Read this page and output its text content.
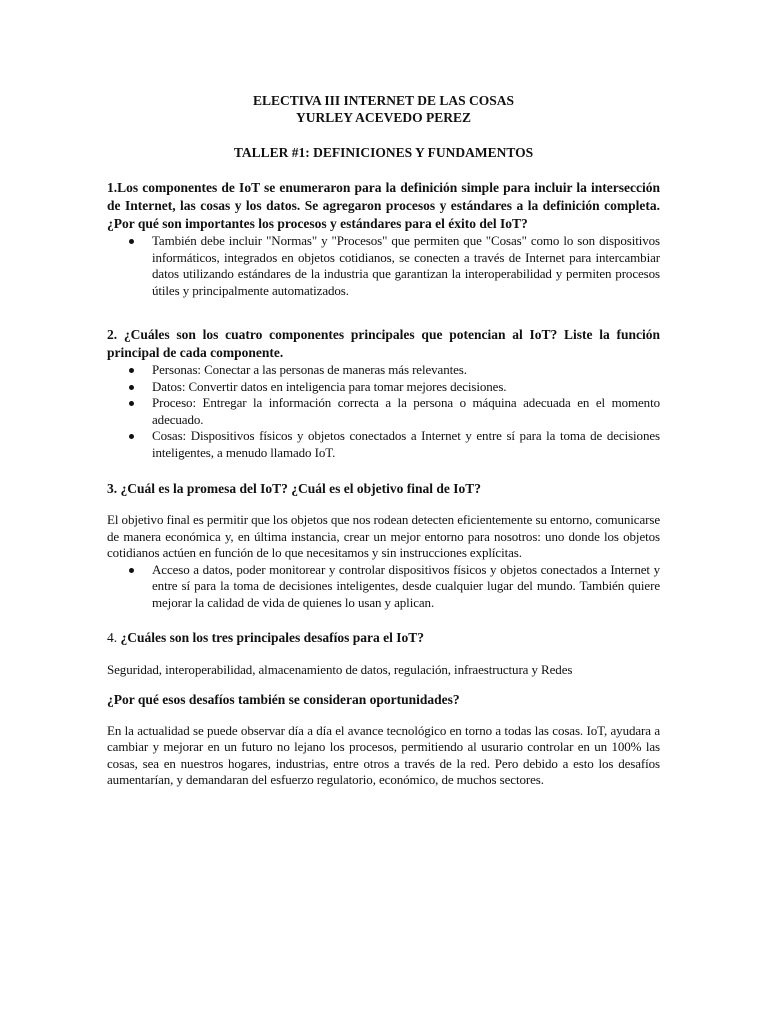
ELECTIVA III INTERNET DE LAS COSAS

YURLEY ACEVEDO PEREZ

TALLER #1: DEFINICIONES Y FUNDAMENTOS

1.Los componentes de IoT se enumeraron para la definición simple para incluir la intersección de Internet, las cosas y los datos. Se agregaron procesos y estándares a la definición completa. ¿Por qué son importantes los procesos y estándares para el éxito del IoT?

También debe incluir "Normas" y "Procesos" que permiten que "Cosas" como lo son dispositivos informáticos, integrados en objetos cotidianos, se conecten a través de Internet para intercambiar datos utilizando estándares de la industria que garantizan la interoperabilidad y permiten procesos útiles y principalmente automatizados.

2. ¿Cuáles son los cuatro componentes principales que potencian al IoT? Liste la función principal de cada componente.

Personas: Conectar a las personas de maneras más relevantes.
Datos: Convertir datos en inteligencia para tomar mejores decisiones.
Proceso: Entregar la información correcta a la persona o máquina adecuada en el momento adecuado.
Cosas: Dispositivos físicos y objetos conectados a Internet y entre sí para la toma de decisiones inteligentes, a menudo llamado IoT.

3. ¿Cuál es la promesa del IoT? ¿Cuál es el objetivo final de IoT?

El objetivo final es permitir que los objetos que nos rodean detecten eficientemente su entorno, comunicarse de manera económica y, en última instancia, crear un mejor entorno para nosotros: uno donde los objetos cotidianos actúen en función de lo que necesitamos y sin instrucciones explícitas.

Acceso a datos, poder monitorear y controlar dispositivos físicos y objetos conectados a Internet y entre sí para la toma de decisiones inteligentes, desde cualquier lugar del mundo. También quiere mejorar la calidad de vida de quienes lo usan y aplican.

4. ¿Cuáles son los tres principales desafíos para el IoT?

Seguridad, interoperabilidad, almacenamiento de datos, regulación, infraestructura y Redes

¿Por qué esos desafíos también se consideran oportunidades?

En la actualidad se puede observar día a día el avance tecnológico en torno a todas las cosas. IoT, ayudara a cambiar y mejorar en un futuro no lejano los procesos, permitiendo al usurario controlar en un 100% las cosas, sea en nuestros hogares, industrias, entre otros a través de la red. Pero debido a esto los desafíos aumentarían, y demandaran del esfuerzo regulatorio, económico, de muchos sectores.
